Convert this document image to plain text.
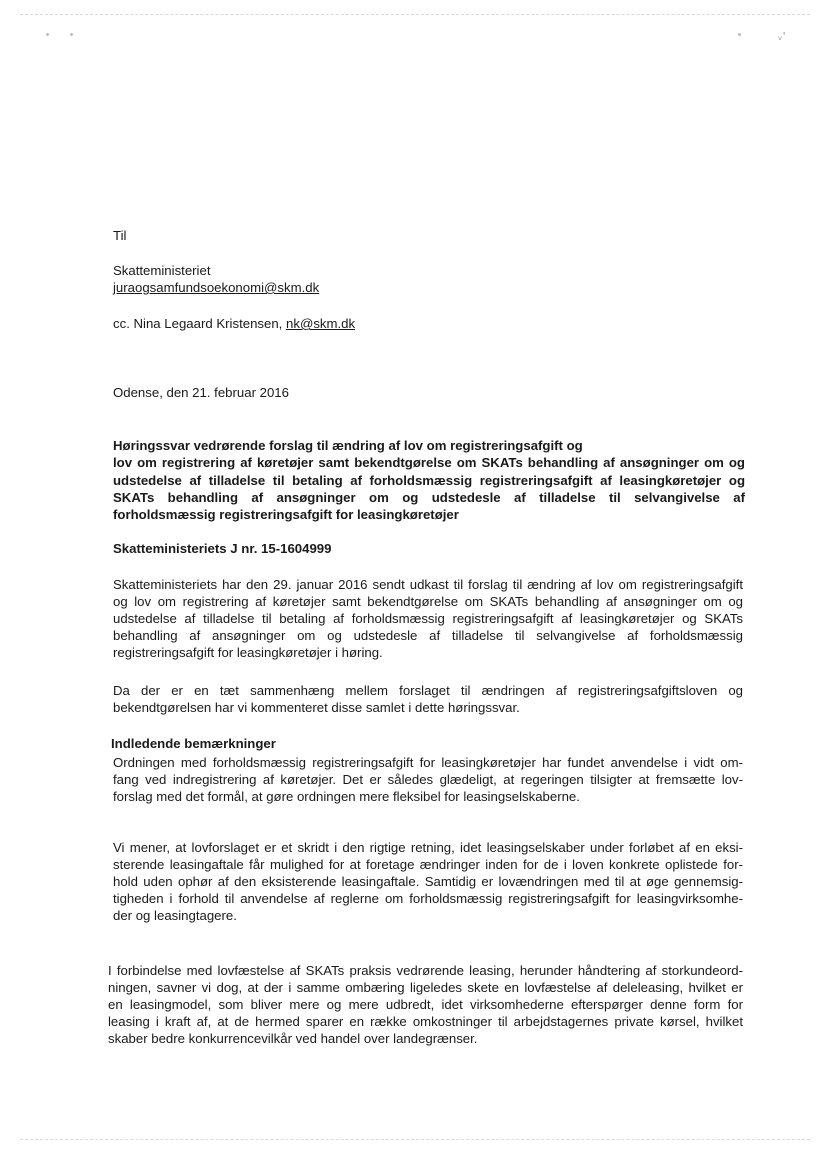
ᵥ'
Til
Skatteministeriet
juraogsamfundsoekonomi@skm.dk
cc. Nina Legaard Kristensen, nk@skm.dk
Odense, den 21. februar 2016
Høringssvar vedrørende forslag til ændring af lov om registreringsafgift og
lov om registrering af køretøjer samt bekendtgørelse om SKATs behandling af ansøgninger om og
udstedelse af tilladelse til betaling af forholdsmæssig registreringsafgift af leasingkøretøjer og
SKATs behandling af ansøgninger om og udstedesle af tilladelse til selvangivelse af
forholdsmæssig registreringsafgift for leasingkøretøjer
Skatteministeriets J nr. 15-1604999
Skatteministeriets har den 29. januar 2016 sendt udkast til forslag til ændring af lov om registreringsafgift
og lov om registrering af køretøjer samt bekendtgørelse om SKATs behandling af ansøgninger om og
udstedelse af tilladelse til betaling af forholdsmæssig registreringsafgift af leasingkøretøjer og SKATs
behandling af ansøgninger om og udstedesle af tilladelse til selvangivelse af forholdsmæssig
registreringsafgift for leasingkøretøjer i høring.
Da der er en tæt sammenhæng mellem forslaget til ændringen af registreringsafgiftsloven og
bekendtgørelsen har vi kommenteret disse samlet i dette høringssvar.
Indledende bemærkninger
Ordningen med forholdsmæssig registreringsafgift for leasingkøretøjer har fundet anvendelse i vidt om-
fang ved indregistrering af køretøjer. Det er således glædeligt, at regeringen tilsigter at fremsætte lov-
forslag med det formål, at gøre ordningen mere fleksibel for leasingselskaberne.
Vi mener, at lovforslaget er et skridt i den rigtige retning, idet leasingselskaber under forløbet af en eksi-
sterende leasingaftale får mulighed for at foretage ændringer inden for de i loven konkrete oplistede for-
hold uden ophør af den eksisterende leasingaftale. Samtidig er lovændringen med til at øge gennemsig-
tigheden i forhold til anvendelse af reglerne om forholdsmæssig registreringsafgift for leasingvirksomhe-
der og leasingtagere.
I forbindelse med lovfæstelse af SKATs praksis vedrørende leasing, herunder håndtering af storkundeord-
ningen, savner vi dog, at der i samme ombæring ligeledes skete en lovfæstelse af deleleasing, hvilket er
en leasingmodel, som bliver mere og mere udbredt, idet virksomhederne efterspørger denne form for
leasing i kraft af, at de hermed sparer en række omkostninger til arbejdstagernes private kørsel, hvilket
skaber bedre konkurrencevilkår ved handel over landegrænser.
